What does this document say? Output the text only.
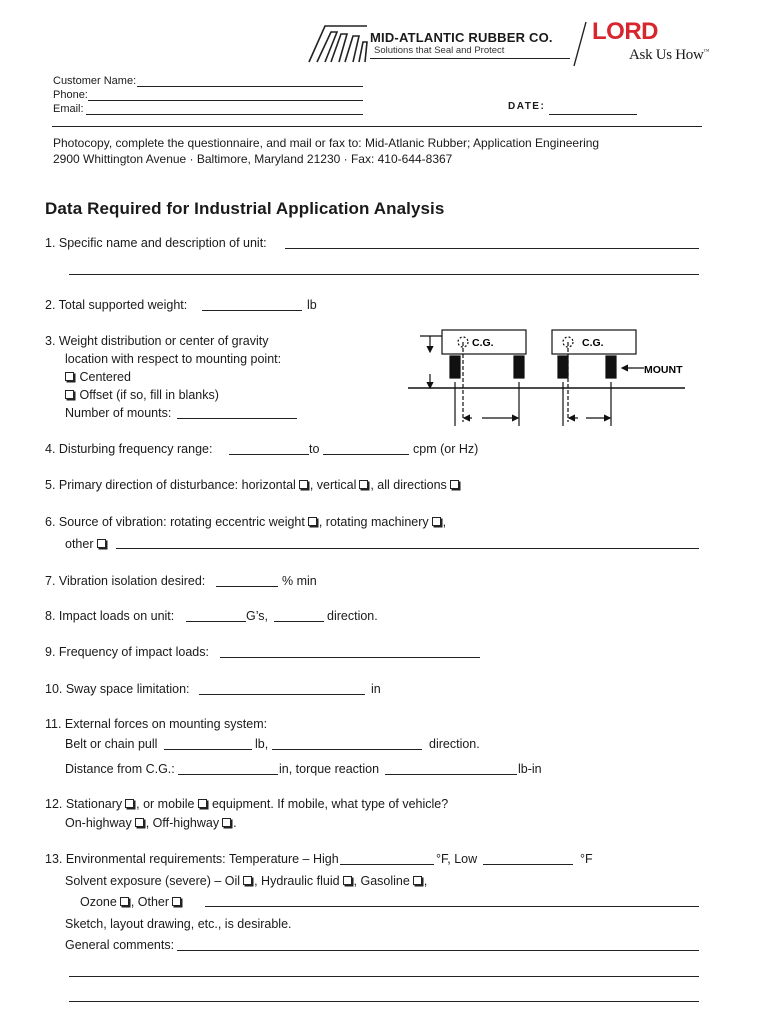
MID-ATLANTIC RUBBER CO.
Solutions that Seal and Protect
LORD
Ask Us How™
Customer Name:
Phone:
Email:	DATE:
Photocopy, complete the questionnaire, and mail or fax to: Mid-Atlanic Rubber; Application Engineering
2900 Whittington Avenue · Baltimore, Maryland 21230 · Fax: 410-644-8367
Data Required for Industrial Application Analysis
1. Specific name and description of unit:
2. Total supported weight:	lb
3. Weight distribution or center of gravity
location with respect to mounting point:
Centered
Offset (if so, fill in blanks)
Number of mounts:
C.G.	C.G.
MOUNT
4. Disturbing frequency range:	to	cpm (or Hz)
5. Primary direction of disturbance: horizontal , vertical , all directions
6. Source of vibration: rotating eccentric weight , rotating machinery ,
other
7. Vibration isolation desired:	% min
8. Impact loads on unit:	G’s,	direction.
9. Frequency of impact loads:
10. Sway space limitation:	in
11. External forces on mounting system:
Belt or chain pull	lb,	direction.
Distance from C.G.:	in, torque reaction	lb-in
12. Stationary , or mobile equipment. If mobile, what type of vehicle?
On-highway , Off-highway .
13. Environmental requirements: Temperature – High	°F, Low	°F
Solvent exposure (severe) – Oil , Hydraulic fluid , Gasoline ,
Ozone , Other
Sketch, layout drawing, etc., is desirable.
General comments:
